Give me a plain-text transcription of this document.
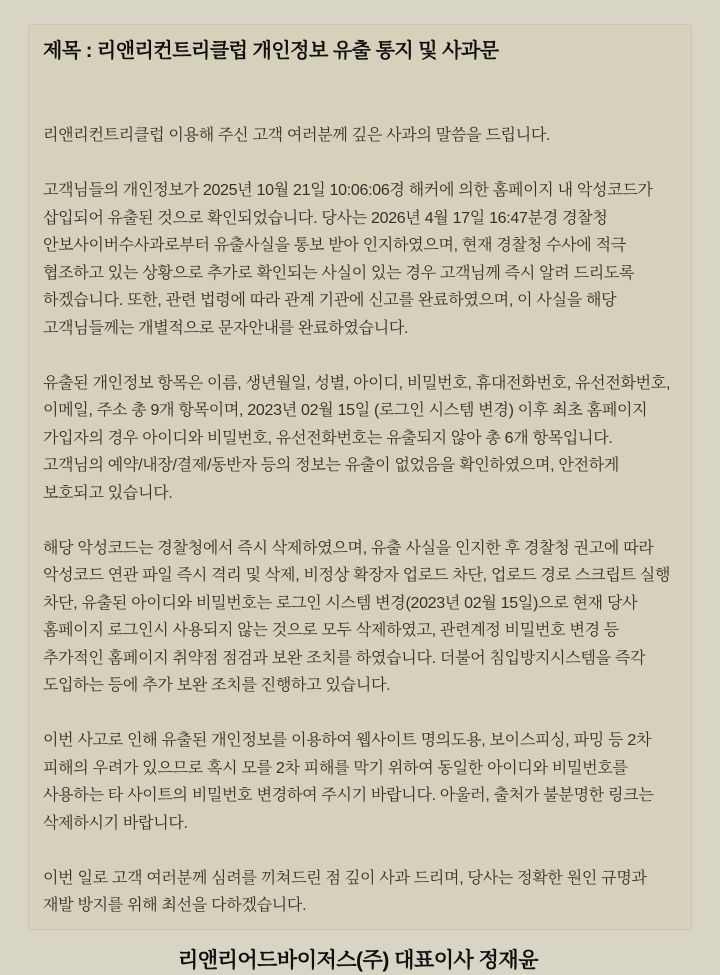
제목 : 리앤리컨트리클럽 개인정보 유출 통지 및 사과문

리앤리컨트리클럽 이용해 주신 고객 여러분께 깊은 사과의 말씀을 드립니다.

고객님들의 개인정보가 2025년 10월 21일 10:06:06경 해커에 의한 홈페이지 내 악성코드가 삽입되어 유출된 것으로 확인되었습니다. 당사는 2026년 4월 17일 16:47분경 경찰청 안보사이버수사과로부터 유출사실을 통보 받아 인지하였으며, 현재 경찰청 수사에 적극 협조하고 있는 상황으로 추가로 확인되는 사실이 있는 경우 고객님께 즉시 알려 드리도록 하겠습니다. 또한, 관련 법령에 따라 관계 기관에 신고를 완료하였으며, 이 사실을 해당 고객님들께는 개별적으로 문자안내를 완료하였습니다.

유출된 개인정보 항목은 이름, 생년월일, 성별, 아이디, 비밀번호, 휴대전화번호, 유선전화번호, 이메일, 주소 총 9개 항목이며, 2023년 02월 15일 (로그인 시스템 변경) 이후 최초 홈페이지 가입자의 경우 아이디와 비밀번호, 유선전화번호는 유출되지 않아 총 6개 항목입니다. 고객님의 예약/내장/결제/동반자 등의 정보는 유출이 없었음을 확인하였으며, 안전하게 보호되고 있습니다.

해당 악성코드는 경찰청에서 즉시 삭제하였으며, 유출 사실을 인지한 후 경찰청 권고에 따라 악성코드 연관 파일 즉시 격리 및 삭제, 비정상 확장자 업로드 차단, 업로드 경로 스크립트 실행 차단, 유출된 아이디와 비밀번호는 로그인 시스템 변경(2023년 02월 15일)으로 현재 당사 홈페이지 로그인시 사용되지 않는 것으로 모두 삭제하였고, 관련계정 비밀번호 변경 등 추가적인 홈페이지 취약점 점검과 보완 조치를 하였습니다. 더불어 침입방지시스템을 즉각 도입하는 등에 추가 보완 조치를 진행하고 있습니다.

이번 사고로 인해 유출된 개인정보를 이용하여 웹사이트 명의도용, 보이스피싱, 파밍 등 2차 피해의 우려가 있으므로 혹시 모를 2차 피해를 막기 위하여 동일한 아이디와 비밀번호를 사용하는 타 사이트의 비밀번호 변경하여 주시기 바랍니다. 아울러, 출처가 불분명한 링크는 삭제하시기 바랍니다.

이번 일로 고객 여러분께 심려를 끼쳐드린 점 깊이 사과 드리며, 당사는 정확한 원인 규명과 재발 방지를 위해 최선을 다하겠습니다.

리앤리어드바이저스(주) 대표이사 정재윤
